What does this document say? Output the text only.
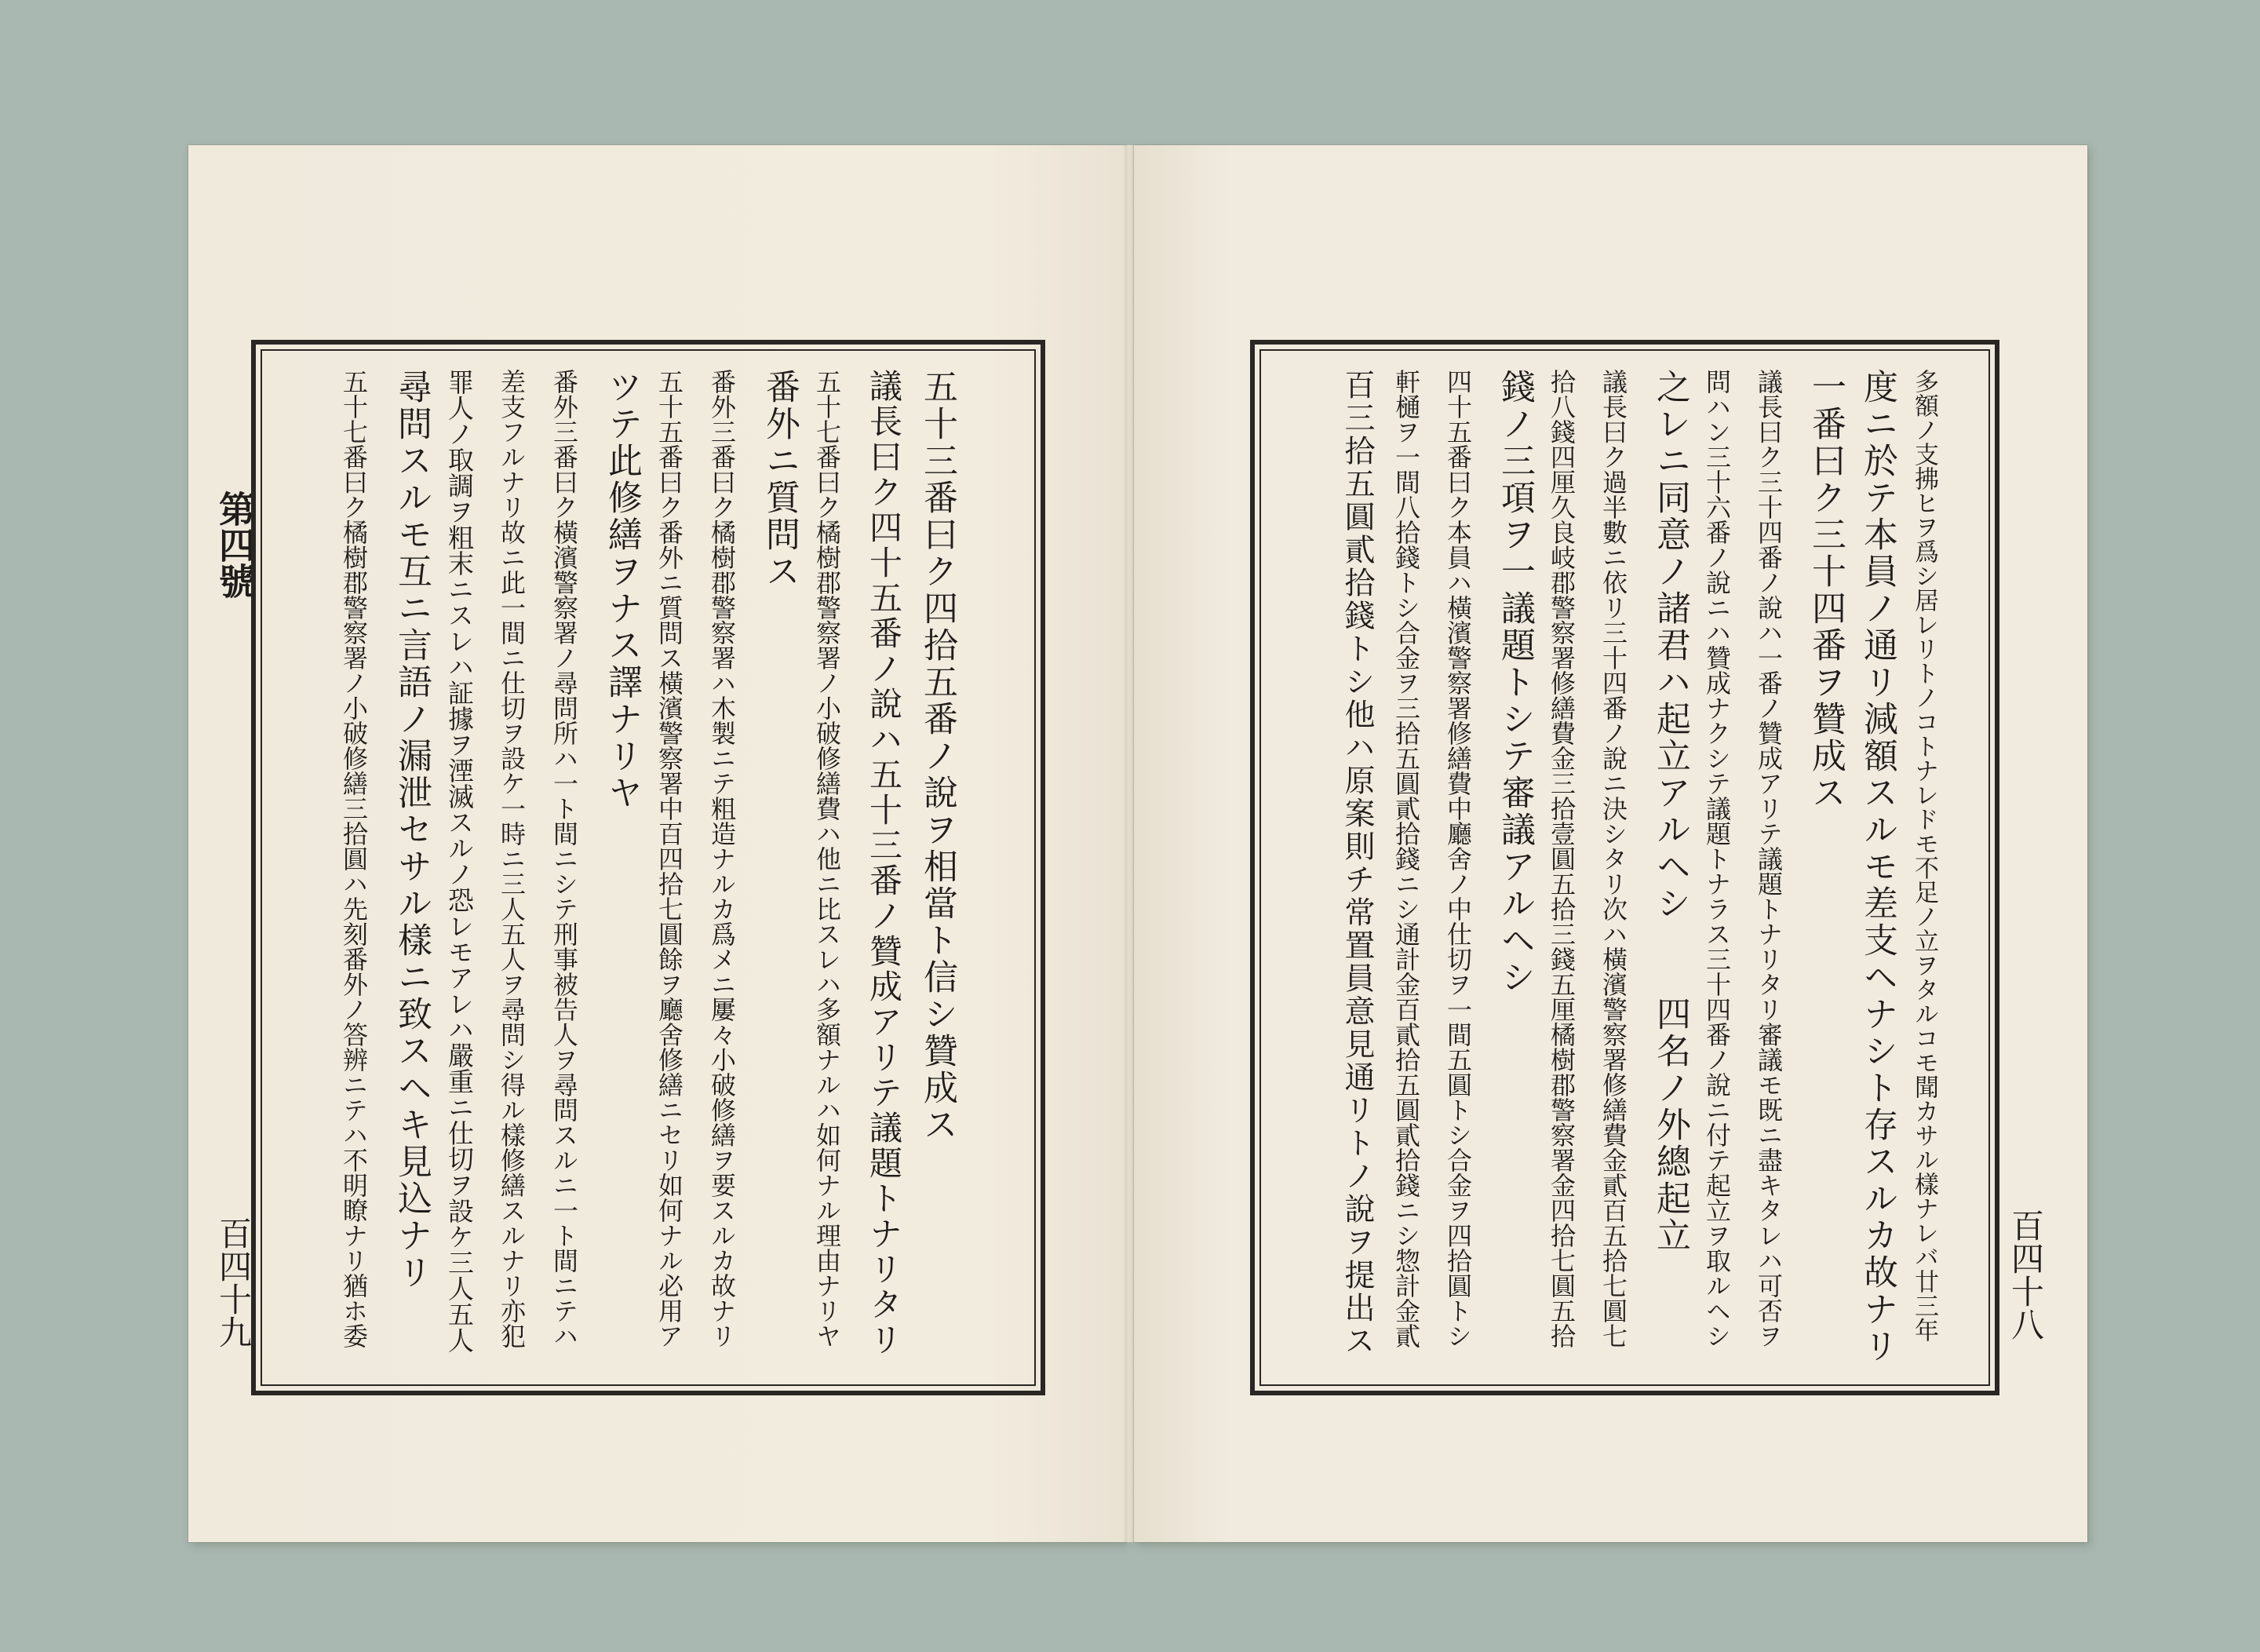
第四號
百四十九
五十三番曰ク四拾五番ノ說ヲ相當ト信シ贊成ス
議長曰ク四十五番ノ說ハ五十三番ノ贊成アリテ議題トナリタリ
五十七番曰ク橘樹郡警察署ノ小破修繕費ハ他ニ比スレハ多額ナルハ如何ナル理由ナリヤ
番外ニ質問ス
番外三番曰ク橘樹郡警察署ハ木製ニテ粗造ナルカ爲メニ屢々小破修繕ヲ要スルカ故ナリ
五十五番曰ク番外ニ質問ス橫濱警察署中百四拾七圓餘ヲ廳舍修繕ニセリ如何ナル必用ア
ツテ此修繕ヲナス譯ナリヤ
番外三番曰ク橫濱警察署ノ尋問所ハ一ト間ニシテ刑事被告人ヲ尋問スルニ一ト間ニテハ
差支フルナリ故ニ此一間ニ仕切ヲ設ケ一時ニ三人五人ヲ尋問シ得ル樣修繕スルナリ亦犯
罪人ノ取調ヲ粗末ニスレハ証據ヲ湮滅スルノ恐レモアレハ嚴重ニ仕切ヲ設ケ三人五人
尋問スルモ互ニ言語ノ漏泄セサル樣ニ致スヘキ見込ナリ
五十七番曰ク橘樹郡警察署ノ小破修繕三拾圓ハ先刻番外ノ答辨ニテハ不明瞭ナリ猶ホ委	百四十八
多額ノ支拂ヒヲ爲シ居レリトノコトナレドモ不足ノ立ヲタルコモ聞カサル樣ナレバ廿三年
度ニ於テ本員ノ通リ減額スルモ差支ヘナシト存スルカ故ナリ
一番曰ク三十四番ヲ贊成ス
議長曰ク三十四番ノ說ハ一番ノ贊成アリテ議題トナリタリ審議モ既ニ盡キタレハ可否ヲ
問ハン三十六番ノ說ニハ贊成ナクシテ議題トナラス三十四番ノ說ニ付テ起立ヲ取ルヘシ
之レニ同意ノ諸君ハ起立アルヘシ　　四名ノ外總起立
議長曰ク過半數ニ依リ三十四番ノ說ニ決シタリ次ハ橫濱警察署修繕費金貳百五拾七圓七
拾八錢四厘久良岐郡警察署修繕費金三拾壹圓五拾三錢五厘橘樹郡警察署金四拾七圓五拾
錢ノ三項ヲ一議題トシテ審議アルヘシ
四十五番曰ク本員ハ橫濱警察署修繕費中廳舍ノ中仕切ヲ一間五圓トシ合金ヲ四拾圓トシ
軒樋ヲ一間八拾錢トシ合金ヲ三拾五圓貳拾錢ニシ通計金百貳拾五圓貳拾錢ニシ惣計金貳
百三拾五圓貳拾錢トシ他ハ原案則チ常置員意見通リトノ說ヲ提出ス
